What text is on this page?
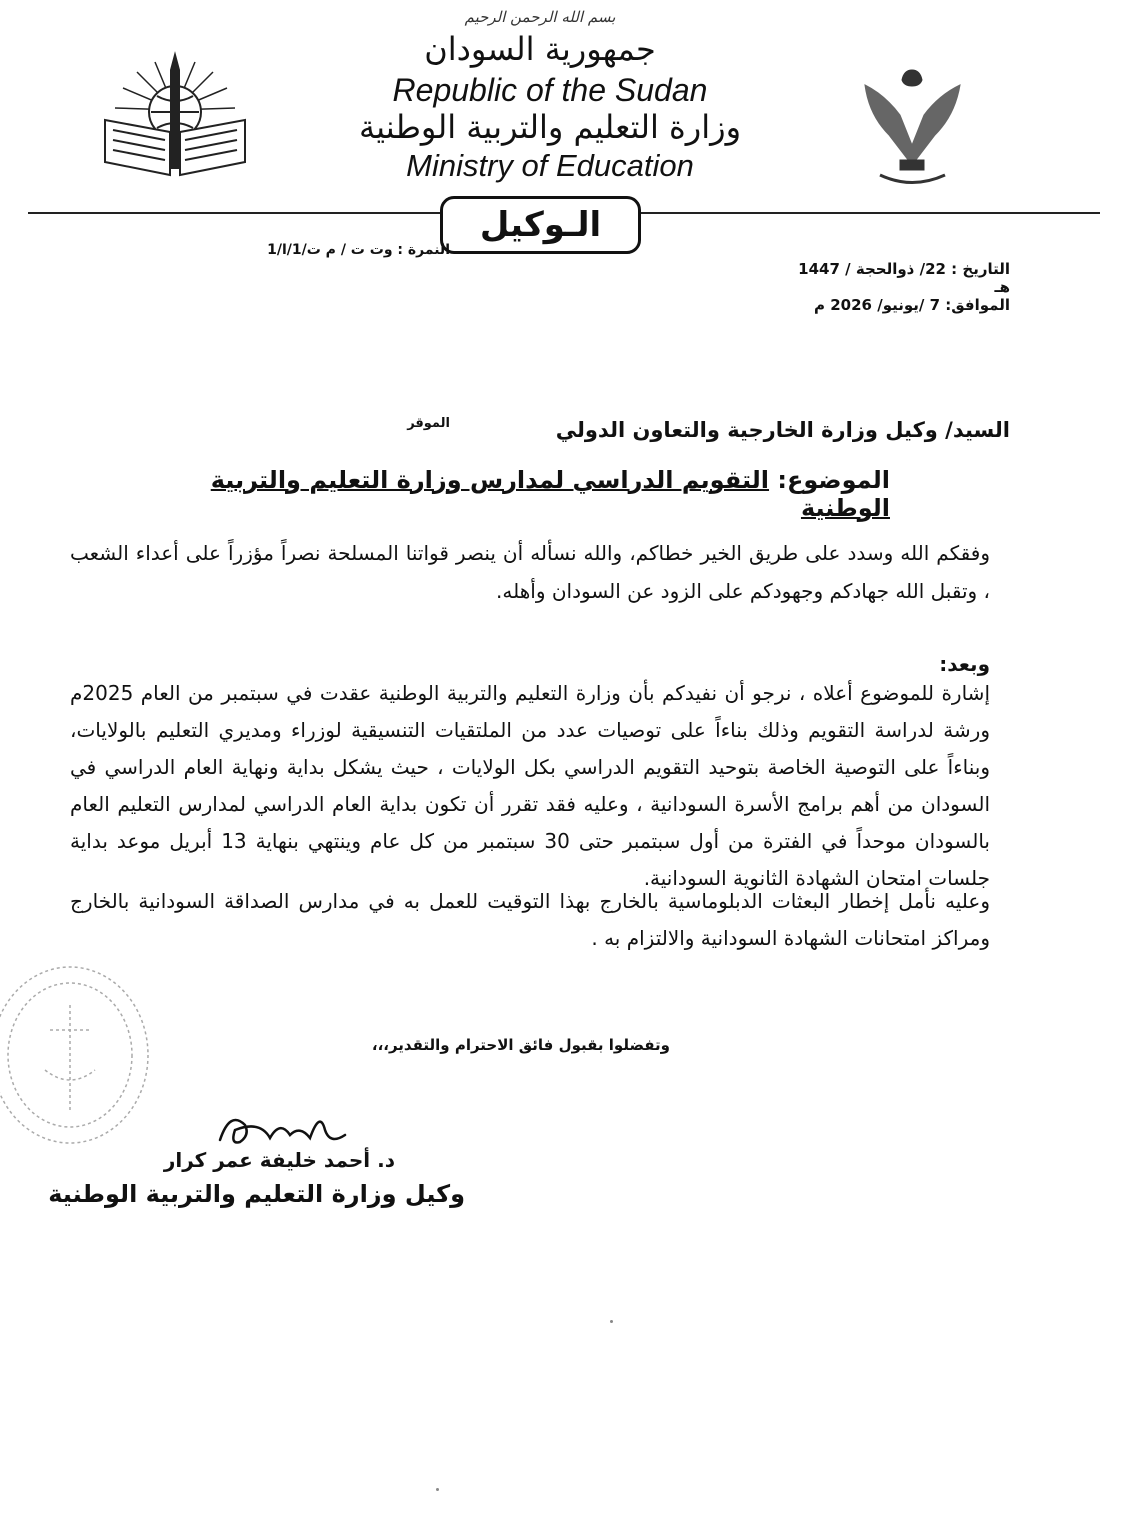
بسم الله الرحمن الرحيم
جمهورية السودان
Republic of the Sudan
وزارة التعليم والتربية الوطنية
Ministry of Education
الـوكيل
النمرة : وت ت / م ت/1/ا/1
التاريخ : 22/ ذوالحجة / 1447 هـ
الموافق: 7 /يونيو/ 2026 م
السيد/ وكيل وزارة الخارجية والتعاون الدولي
الموقر
الموضوع: التقويم الدراسي لمدارس وزارة التعليم والتربية الوطنية
وفقكم الله وسدد على طريق الخير خطاكم، والله نسأله أن ينصر قواتنا المسلحة نصراً مؤزراً على أعداء الشعب ، وتقبل الله جهادكم وجهودكم على الزود عن السودان وأهله.
وبعد:
إشارة للموضوع أعلاه ، نرجو أن نفيدكم بأن وزارة التعليم والتربية الوطنية عقدت في سبتمبر من العام 2025م ورشة لدراسة التقويم وذلك بناءاً على توصيات عدد من الملتقيات التنسيقية لوزراء ومديري التعليم بالولايات، وبناءاً على التوصية الخاصة بتوحيد التقويم الدراسي بكل الولايات ، حيث يشكل بداية ونهاية العام الدراسي في السودان من أهم برامج الأسرة السودانية ، وعليه فقد تقرر أن تكون بداية العام الدراسي لمدارس التعليم العام بالسودان موحداً في الفترة من أول سبتمبر حتى 30 سبتمبر من كل عام وينتهي بنهاية 13 أبريل موعد بداية جلسات امتحان الشهادة الثانوية السودانية.
وعليه نأمل إخطار البعثات الدبلوماسية بالخارج بهذا التوقيت للعمل به في مدارس الصداقة السودانية بالخارج ومراكز امتحانات الشهادة السودانية والالتزام به .
وتفضلوا بقبول فائق الاحترام والتقدير،،،
د. أحمد خليفة عمر كرار
وكيل وزارة التعليم والتربية الوطنية
